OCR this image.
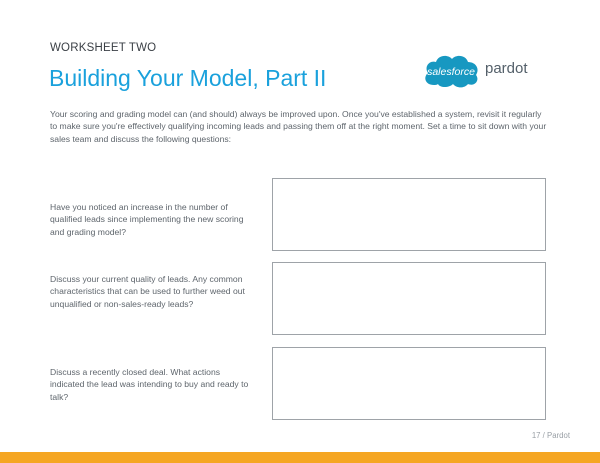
WORKSHEET TWO
Building Your Model, Part II	salesforce pardot

Your scoring and grading model can (and should) always be improved upon. Once you've established a system, revisit it regularly to make sure you're effectively qualifying incoming leads and passing them off at the right moment. Set a time to sit down with your sales team and discuss the following questions:

Have you noticed an increase in the number of qualified leads since implementing the new scoring and grading model?

Discuss your current quality of leads. Any common characteristics that can be used to further weed out unqualified or non-sales-ready leads?

Discuss a recently closed deal. What actions indicated the lead was intending to buy and ready to talk?

17 / Pardot
